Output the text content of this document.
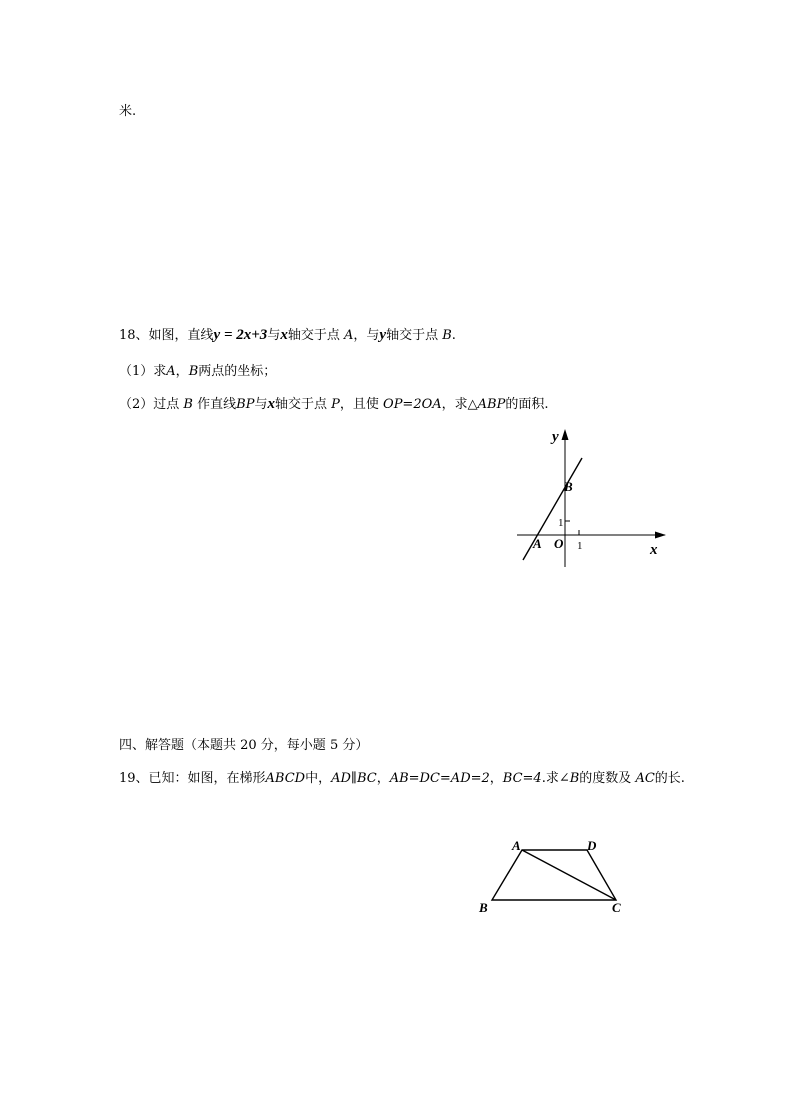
米.
18、如图，直线y = 2x+3与x轴交于点 A，与y轴交于点 B.
（1）求A，B两点的坐标；
（2）过点 B 作直线BP与x轴交于点 P，且使 OP=2OA，求△ABP的面积.
y
x
O
A
B
1
1
四、解答题（本题共 20 分，每小题 5 分）
19、已知：如图，在梯形ABCD中，AD∥BC，AB=DC=AD=2，BC=4.求∠B的度数及 AC的长.
A	D
B	C
